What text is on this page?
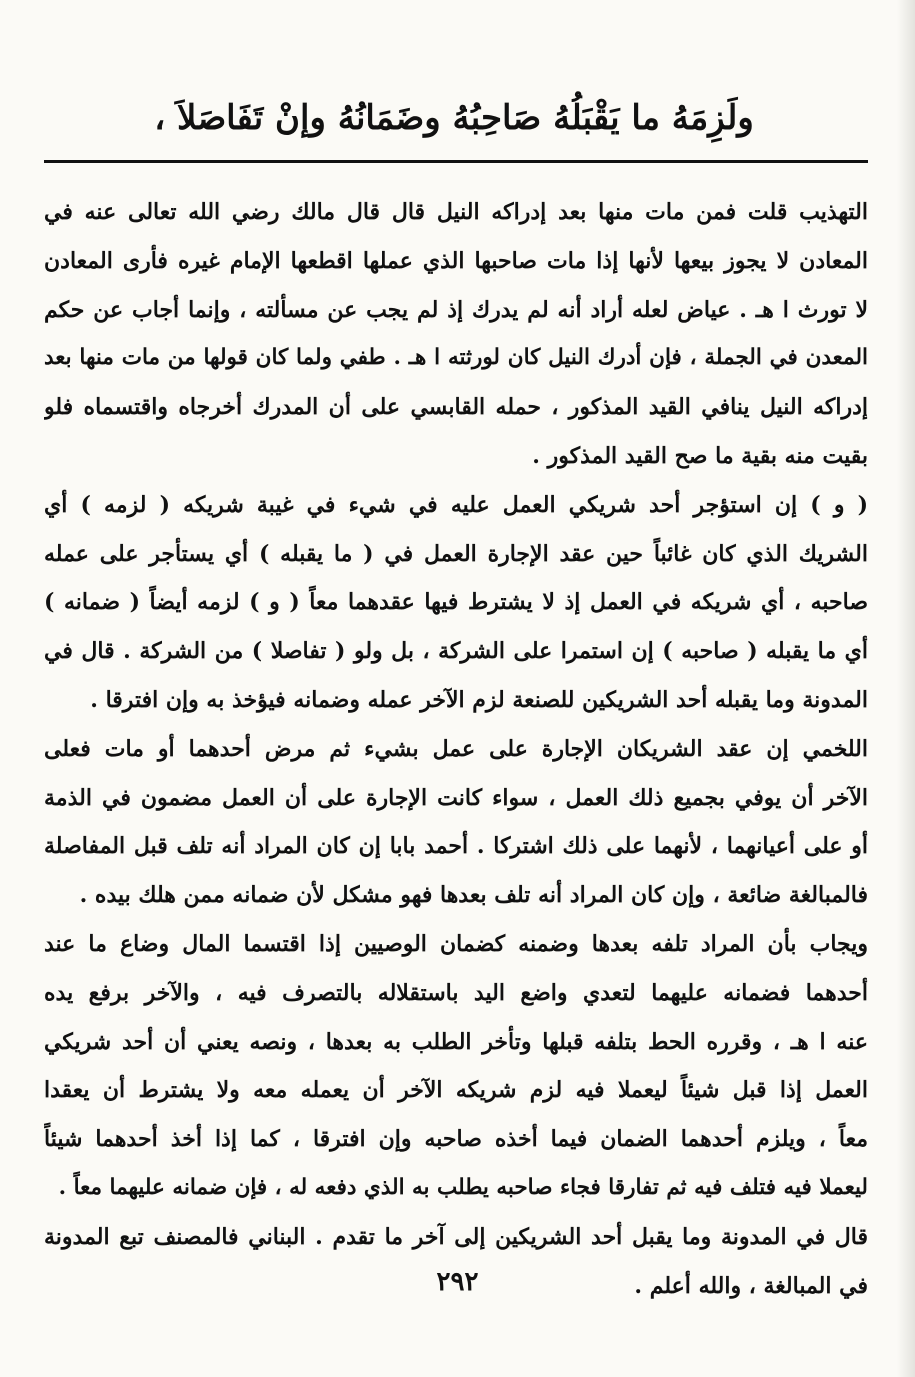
ولَزِمَهُ ما يَقْبَلُهُ صَاحِبُهُ وضَمَانُهُ وإنْ تَفَاصَلاَ ،
التهذيب قلت فمن مات منها بعد إدراكه النيل قال قال مالك رضي الله تعالى عنه في
المعادن لا يجوز بيعها لأنها إذا مات صاحبها الذي عملها اقطعها الإمام غيره فأرى المعادن
لا تورث ا هـ . عياض لعله أراد أنه لم يدرك إذ لم يجب عن مسألته ، وإنما أجاب عن حكم
المعدن في الجملة ، فإن أدرك النيل كان لورثته ا هـ . طفي ولما كان قولها من مات منها بعد
إدراكه النيل ينافي القيد المذكور ، حمله القابسي على أن المدرك أخرجاه واقتسماه فلو
بقيت منه بقية ما صح القيد المذكور .
( و ) إن استؤجر أحد شريكي العمل عليه في شيء في غيبة شريكه ( لزمه ) أي
الشريك الذي كان غائباً حين عقد الإجارة العمل في ( ما يقبله ) أي يستأجر على عمله
صاحبه ، أي شريكه في العمل إذ لا يشترط فيها عقدهما معاً ( و ) لزمه أيضاً ( ضمانه )
أي ما يقبله ( صاحبه ) إن استمرا على الشركة ، بل ولو ( تفاصلا ) من الشركة . قال في
المدونة وما يقبله أحد الشريكين للصنعة لزم الآخر عمله وضمانه فيؤخذ به وإن افترقا .
اللخمي إن عقد الشريكان الإجارة على عمل بشيء ثم مرض أحدهما أو مات فعلى
الآخر أن يوفي بجميع ذلك العمل ، سواء كانت الإجارة على أن العمل مضمون في الذمة
أو على أعيانهما ، لأنهما على ذلك اشتركا . أحمد بابا إن كان المراد أنه تلف قبل المفاصلة
فالمبالغة ضائعة ، وإن كان المراد أنه تلف بعدها فهو مشكل لأن ضمانه ممن هلك بيده .
ويجاب بأن المراد تلفه بعدها وضمنه كضمان الوصيين إذا اقتسما المال وضاع ما عند
أحدهما فضمانه عليهما لتعدي واضع اليد باستقلاله بالتصرف فيه ، والآخر برفع يده
عنه ا هـ ، وقرره الحط بتلفه قبلها وتأخر الطلب به بعدها ، ونصه يعني أن أحد شريكي
العمل إذا قبل شيئاً ليعملا فيه لزم شريكه الآخر أن يعمله معه ولا يشترط أن يعقدا
معاً ، ويلزم أحدهما الضمان فيما أخذه صاحبه وإن افترقا ، كما إذا أخذ أحدهما شيئاً
ليعملا فيه فتلف فيه ثم تفارقا فجاء صاحبه يطلب به الذي دفعه له ، فإن ضمانه عليهما معاً .
قال في المدونة وما يقبل أحد الشريكين إلى آخر ما تقدم . البناني فالمصنف تبع المدونة
في المبالغة ، والله أعلم .
٢٩٢
